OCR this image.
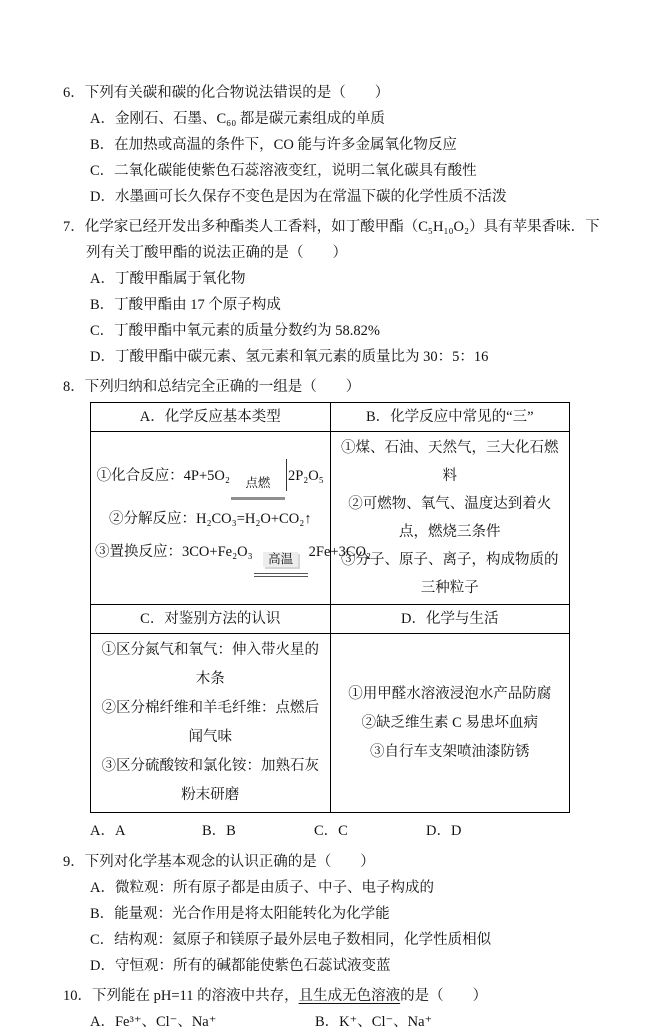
6．下列有关碳和碳的化合物说法错误的是（　　）
A．金刚石、石墨、C₆₀ 都是碳元素组成的单质
B．在加热或高温的条件下，CO 能与许多金属氧化物反应
C．二氧化碳能使紫色石蕊溶液变红，说明二氧化碳具有酸性
D．水墨画可长久保存不变色是因为在常温下碳的化学性质不活泼
7．化学家已经开发出多种酯类人工香料，如丁酸甲酯（C₅H₁₀O₂）具有苹果香味．下列有关丁酸甲酯的说法正确的是（　　）
A．丁酸甲酯属于氧化物
B．丁酸甲酯由 17 个原子构成
C．丁酸甲酯中氧元素的质量分数约为 58.82%
D．丁酸甲酯中碳元素、氢元素和氧元素的质量比为 30：5：16
8．下列归纳和总结完全正确的一组是（　　）
A．化学反应基本类型	B．化学反应中常见的“三”

①化合反应：4P+5O₂ 点燃 2P₂O₅
②分解反应：H₂CO₃=H₂O+CO₂↑
③置换反应：3CO+Fe₂O₃ 高温 2Fe+3CO₂

①煤、石油、天然气，三大化石燃料
②可燃物、氧气、温度达到着火点，燃烧三条件
③分子、原子、离子，构成物质的三种粒子

C．对鉴别方法的认识	D．化学与生活

①区分氮气和氧气：伸入带火星的木条
②区分棉纤维和羊毛纤维：点燃后闻气味
③区分硫酸铵和氯化铵：加熟石灰粉末研磨

①用甲醛水溶液浸泡水产品防腐
②缺乏维生素 C 易患坏血病
③自行车支架喷油漆防锈
A．A	B．B	C．C	D．D
9．下列对化学基本观念的认识正确的是（　　）
A．微粒观：所有原子都是由质子、中子、电子构成的
B．能量观：光合作用是将太阳能转化为化学能
C．结构观：氦原子和镁原子最外层电子数相同，化学性质相似
D．守恒观：所有的碱都能使紫色石蕊试液变蓝
10．下列能在 pH=11 的溶液中共存，且生成无色溶液的是（　　）
A．Fe³⁺、Cl⁻、Na⁺	B．K⁺、Cl⁻、Na⁺
